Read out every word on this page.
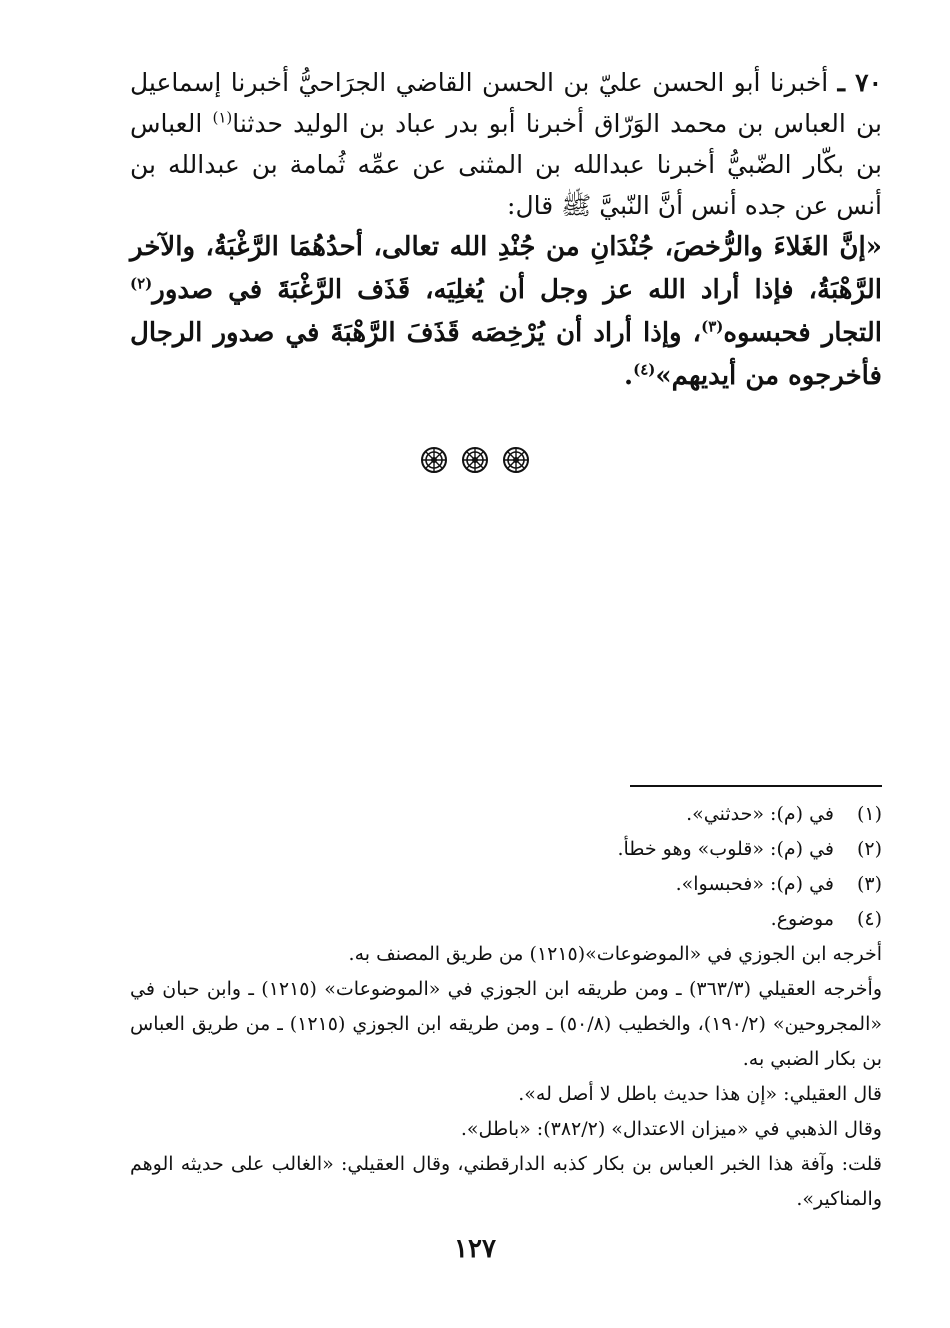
٧٠ ـ أخبرنا أبو الحسن عليّ بن الحسن القاضي الجرَاحيُّ أخبرنا إسماعيل بن العباس بن محمد الوَرّاق أخبرنا أبو بدر عباد بن الوليد حدثنا$^{(١)}$ العباس بن بكّار الضّبيُّ أخبرنا عبدالله بن المثنى عن عمِّه ثُمامة بن عبدالله بن أنس عن جده أنس أنَّ النّبيَّ ﷺ قال:

«إنَّ الغَلاءَ والرُّخصَ، جُنْدَانِ من جُنْدِ الله تعالى، أحدُهُمَا الرَّغْبَةُ، والآخر الرَّهْبَةُ، فإذا أراد الله عز وجل أن يُغلِيَه، قَذَف الرَّغْبَةَ في صدور$^{(٢)}$ التجار فحبسوه$^{(٣)}$، وإذا أراد أن يُرْخِصَه قَذَفَ الرَّهْبَةَ في صدور الرجال فأخرجوه من أيديهم»$^{(٤)}$.

(١)
في (م): «حدثني».
(٢)
في (م): «قلوب» وهو خطأ.
(٣)
في (م): «فحبسوا».
(٤)
موضوع.

أخرجه ابن الجوزي في «الموضوعات»(١٢١٥) من طريق المصنف به.

وأخرجه العقيلي (٣٦٣/٣) ـ ومن طريقه ابن الجوزي في «الموضوعات» (١٢١٥) ـ وابن حبان في «المجروحين» (١٩٠/٢)، والخطيب (٥٠/٨) ـ ومن طريقه ابن الجوزي (١٢١٥) ـ من طريق العباس بن بكار الضبي به.

قال العقيلي: «إن هذا حديث باطل لا أصل له».

وقال الذهبي في «ميزان الاعتدال» (٣٨٢/٢): «باطل».

قلت: وآفة هذا الخبر العباس بن بكار كذبه الدارقطني، وقال العقيلي: «الغالب على حديثه الوهم والمناكير».

١٢٧
